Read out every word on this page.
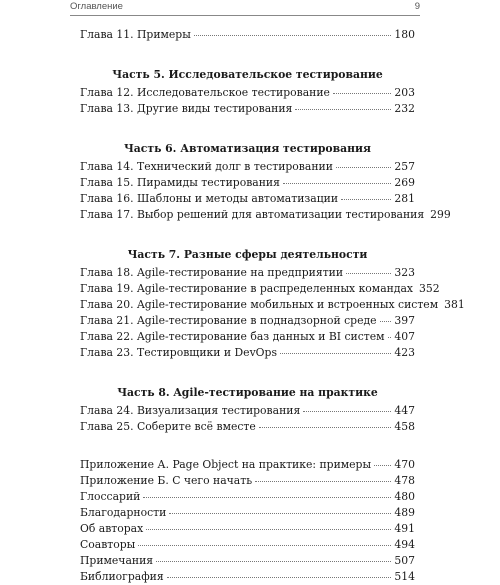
Оглавление	9
Глава 11. Примеры	180
Часть 5. Исследовательское тестирование
Глава 12. Исследовательское тестирование	203
Глава 13. Другие виды тестирования	232
Часть 6. Автоматизация тестирования
Глава 14. Технический долг в тестировании	257
Глава 15. Пирамиды тестирования	269
Глава 16. Шаблоны и методы автоматизации	281
Глава 17. Выбор решений для автоматизации тестирования 299
Часть 7. Разные сферы деятельности
Глава 18. Agile-тестирование на предприятии	323
Глава 19. Agile-тестирование в распределенных командах 352
Глава 20. Agile-тестирование мобильных и встроенных систем 381
Глава 21. Agile-тестирование в поднадзорной среде 397
Глава 22. Agile-тестирование баз данных и BI систем 407
Глава 23. Тестировщики и DevOps	423
Часть 8. Agile-тестирование на практике
Глава 24. Визуализация тестирования	447
Глава 25. Соберите всё вместе	458
Приложение А. Page Object на практике: примеры 470
Приложение Б. С чего начать	478
Глоссарий	480
Благодарности	489
Об авторах	491
Соавторы	494
Примечания	507
Библиография	514
